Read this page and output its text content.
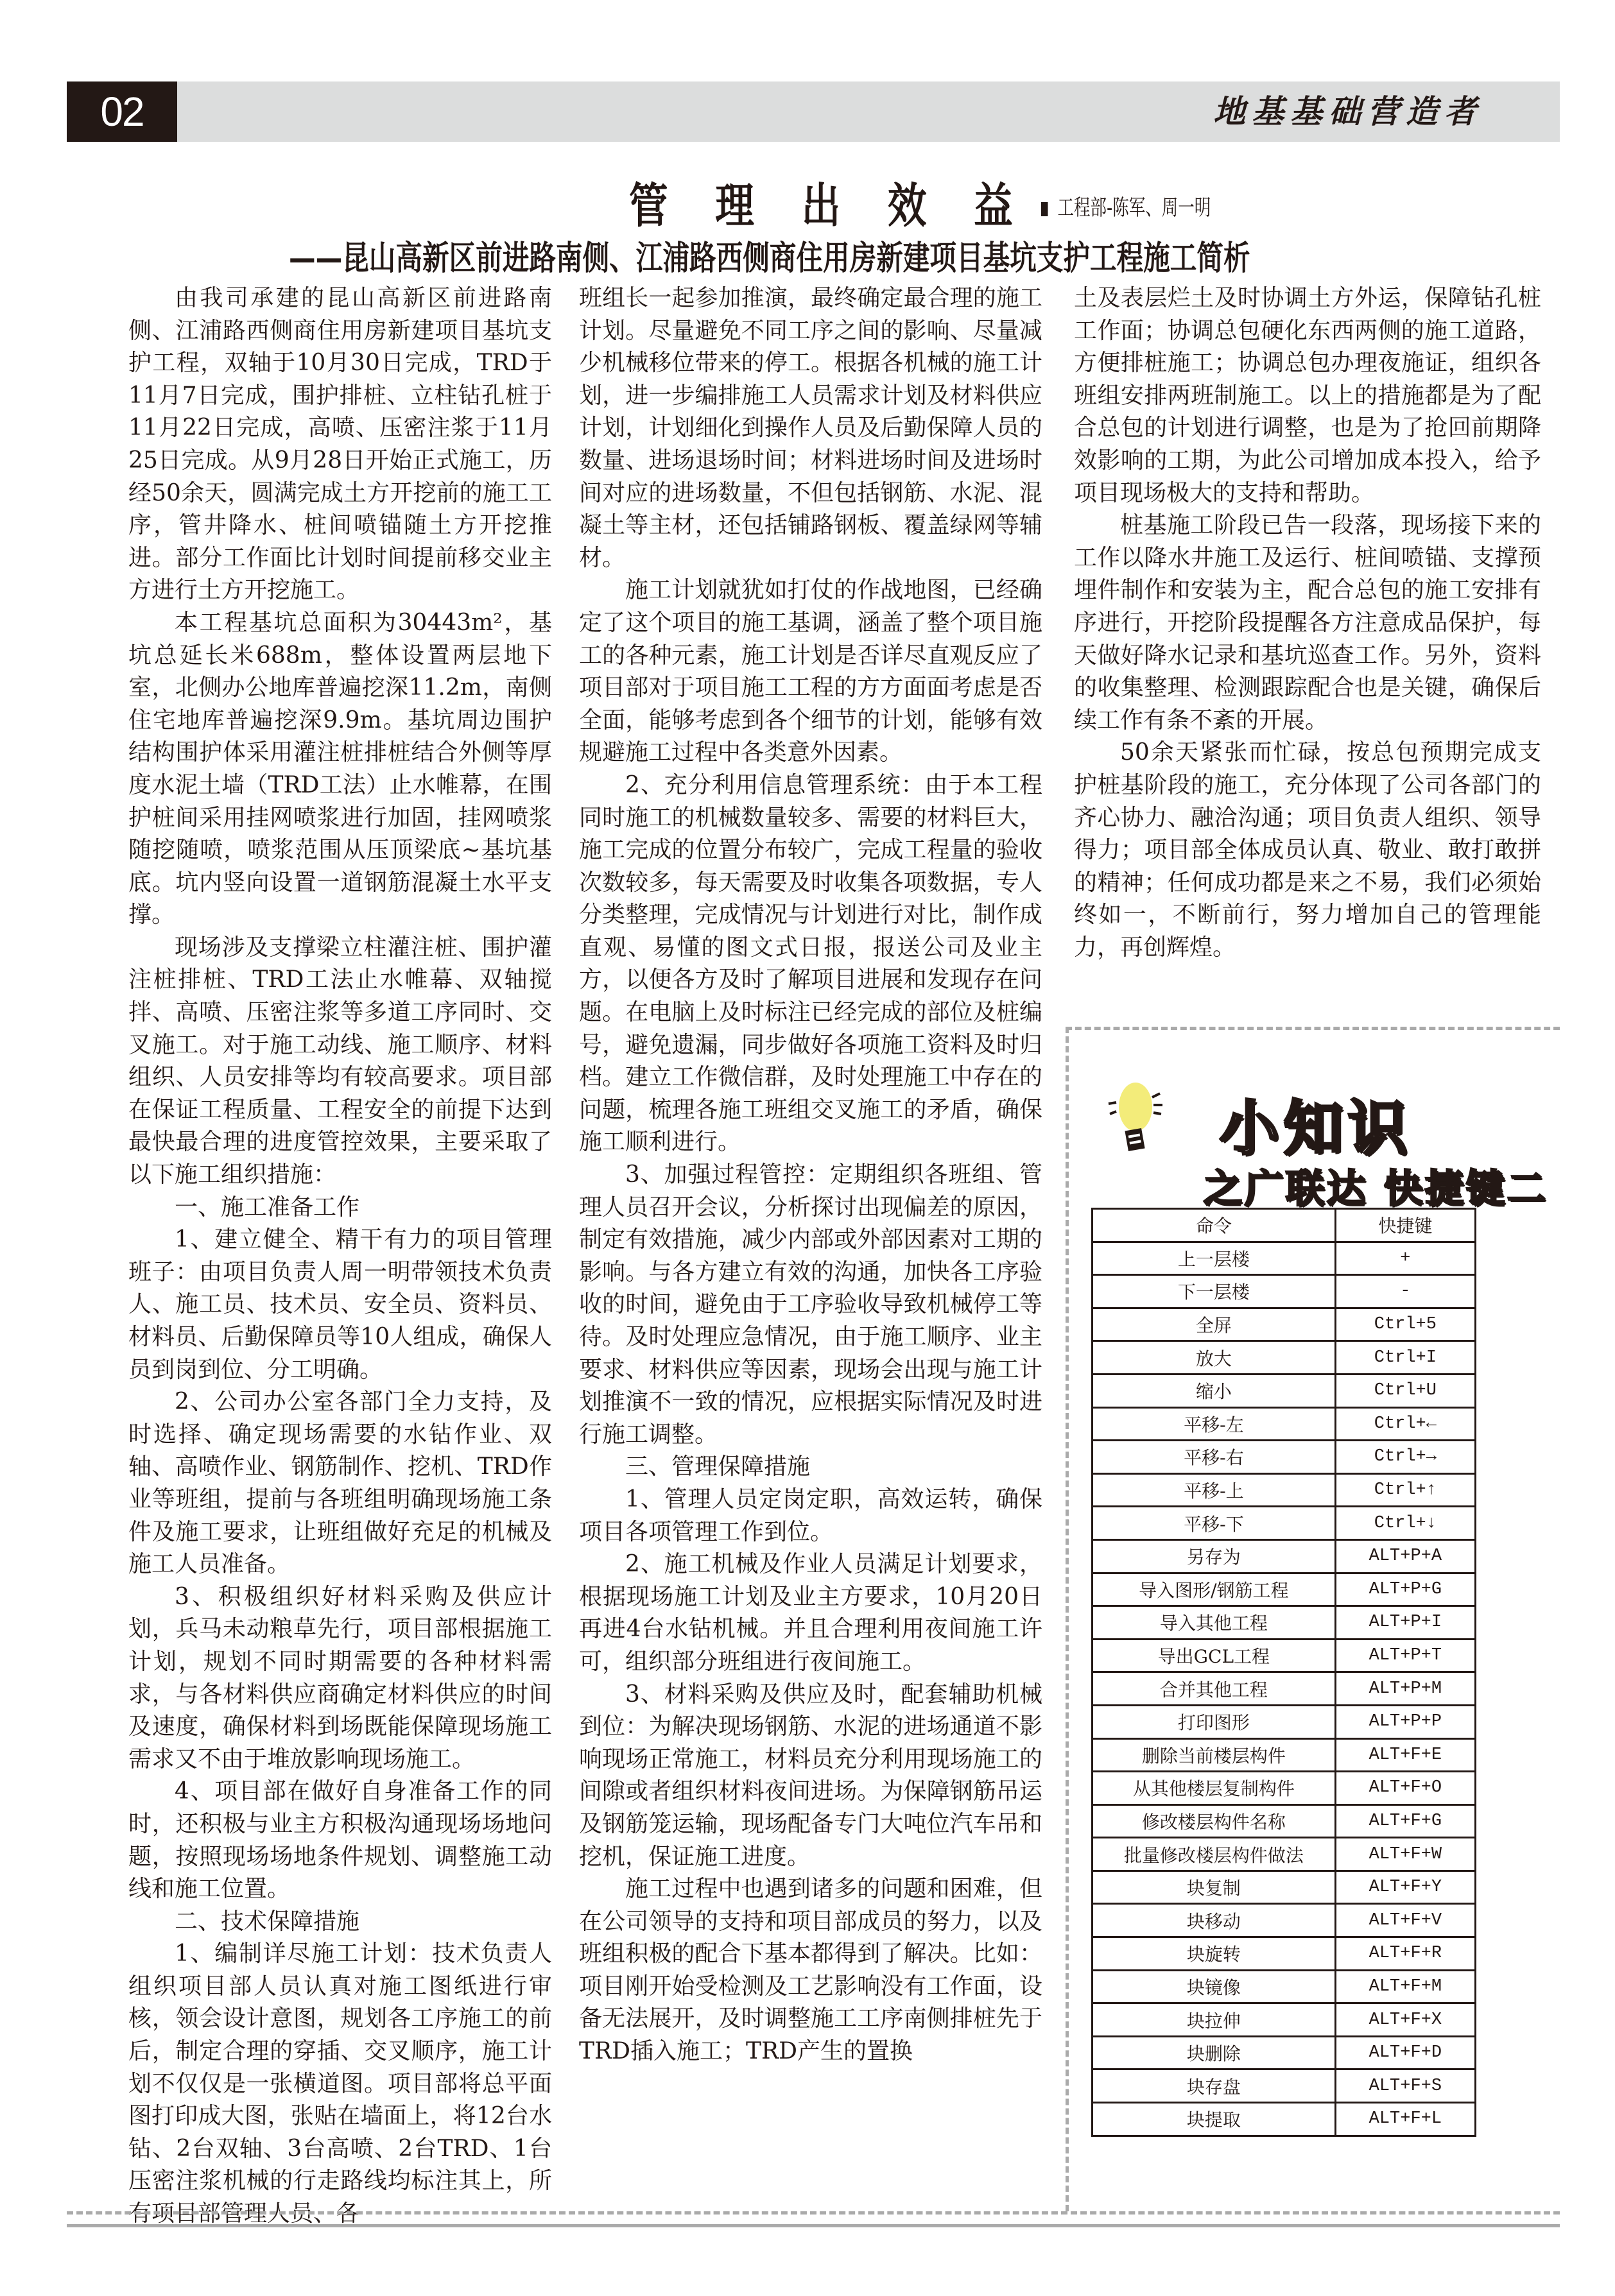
02	地基基础营造者
管 理 出 效 益	工程部-陈军、周一明
——昆山高新区前进路南侧、江浦路西侧商住用房新建项目基坑支护工程施工简析

由我司承建的昆山高新区前进路南侧、江浦路西侧商住用房新建项目基坑支护工程，双轴于10月30日完成，TRD于11月7日完成，围护排桩、立柱钻孔桩于11月22日完成，高喷、压密注浆于11月25日完成。从9月28日开始正式施工，历经50余天，圆满完成土方开挖前的施工工序，管井降水、桩间喷锚随土方开挖推进。部分工作面比计划时间提前移交业主方进行土方开挖施工。

本工程基坑总面积为30443m²，基坑总延长米688m，整体设置两层地下室，北侧办公地库普遍挖深11.2m，南侧住宅地库普遍挖深9.9m。基坑周边围护结构围护体采用灌注桩排桩结合外侧等厚度水泥土墙（TRD工法）止水帷幕，在围护桩间采用挂网喷浆进行加固，挂网喷浆随挖随喷，喷浆范围从压顶梁底~基坑基底。坑内竖向设置一道钢筋混凝土水平支撑。

现场涉及支撑梁立柱灌注桩、围护灌注桩排桩、TRD工法止水帷幕、双轴搅拌、高喷、压密注浆等多道工序同时、交叉施工。对于施工动线、施工顺序、材料组织、人员安排等均有较高要求。项目部在保证工程质量、工程安全的前提下达到最快最合理的进度管控效果，主要采取了以下施工组织措施：

一、施工准备工作

1、建立健全、精干有力的项目管理班子：由项目负责人周一明带领技术负责人、施工员、技术员、安全员、资料员、材料员、后勤保障员等10人组成，确保人员到岗到位、分工明确。

2、公司办公室各部门全力支持，及时选择、确定现场需要的水钻作业、双轴、高喷作业、钢筋制作、挖机、TRD作业等班组，提前与各班组明确现场施工条件及施工要求，让班组做好充足的机械及施工人员准备。

3、积极组织好材料采购及供应计划，兵马未动粮草先行，项目部根据施工计划，规划不同时期需要的各种材料需求，与各材料供应商确定材料供应的时间及速度，确保材料到场既能保障现场施工需求又不由于堆放影响现场施工。

4、项目部在做好自身准备工作的同时，还积极与业主方积极沟通现场场地问题，按照现场场地条件规划、调整施工动线和施工位置。

二、技术保障措施

1、编制详尽施工计划：技术负责人组织项目部人员认真对施工图纸进行审核，领会设计意图，规划各工序施工的前后，制定合理的穿插、交叉顺序，施工计划不仅仅是一张横道图。项目部将总平面图打印成大图，张贴在墙面上，将12台水钻、2台双轴、3台高喷、2台TRD、1台压密注浆机械的行走路线均标注其上，所有项目部管理人员、各

班组长一起参加推演，最终确定最合理的施工计划。尽量避免不同工序之间的影响、尽量减少机械移位带来的停工。根据各机械的施工计划，进一步编排施工人员需求计划及材料供应计划，计划细化到操作人员及后勤保障人员的数量、进场退场时间；材料进场时间及进场时间对应的进场数量，不但包括钢筋、水泥、混凝土等主材，还包括铺路钢板、覆盖绿网等辅材。

施工计划就犹如打仗的作战地图，已经确定了这个项目的施工基调，涵盖了整个项目施工的各种元素，施工计划是否详尽直观反应了项目部对于项目施工工程的方方面面考虑是否全面，能够考虑到各个细节的计划，能够有效规避施工过程中各类意外因素。

2、充分利用信息管理系统：由于本工程同时施工的机械数量较多、需要的材料巨大，施工完成的位置分布较广，完成工程量的验收次数较多，每天需要及时收集各项数据，专人分类整理，完成情况与计划进行对比，制作成直观、易懂的图文式日报，报送公司及业主方，以便各方及时了解项目进展和发现存在问题。在电脑上及时标注已经完成的部位及桩编号，避免遗漏，同步做好各项施工资料及时归档。建立工作微信群，及时处理施工中存在的问题，梳理各施工班组交叉施工的矛盾，确保施工顺利进行。

3、加强过程管控：定期组织各班组、管理人员召开会议，分析探讨出现偏差的原因，制定有效措施，减少内部或外部因素对工期的影响。与各方建立有效的沟通，加快各工序验收的时间，避免由于工序验收导致机械停工等待。及时处理应急情况，由于施工顺序、业主要求、材料供应等因素，现场会出现与施工计划推演不一致的情况，应根据实际情况及时进行施工调整。

三、管理保障措施

1、管理人员定岗定职，高效运转，确保项目各项管理工作到位。

2、施工机械及作业人员满足计划要求，根据现场施工计划及业主方要求，10月20日再进4台水钻机械。并且合理利用夜间施工许可，组织部分班组进行夜间施工。

3、材料采购及供应及时，配套辅助机械到位：为解决现场钢筋、水泥的进场通道不影响现场正常施工，材料员充分利用现场施工的间隙或者组织材料夜间进场。为保障钢筋吊运及钢筋笼运输，现场配备专门大吨位汽车吊和挖机，保证施工进度。

施工过程中也遇到诸多的问题和困难，但在公司领导的支持和项目部成员的努力，以及班组积极的配合下基本都得到了解决。比如：项目刚开始受检测及工艺影响没有工作面，设备无法展开，及时调整施工工序南侧排桩先于TRD插入施工；TRD产生的置换

土及表层烂土及时协调土方外运，保障钻孔桩工作面；协调总包硬化东西两侧的施工道路，方便排桩施工；协调总包办理夜施证，组织各班组安排两班制施工。以上的措施都是为了配合总包的计划进行调整，也是为了抢回前期降效影响的工期，为此公司增加成本投入，给予项目现场极大的支持和帮助。

桩基施工阶段已告一段落，现场接下来的工作以降水井施工及运行、桩间喷锚、支撑预埋件制作和安装为主，配合总包的施工安排有序进行，开挖阶段提醒各方注意成品保护，每天做好降水记录和基坑巡查工作。另外，资料的收集整理、检测跟踪配合也是关键，确保后续工作有条不紊的开展。

50余天紧张而忙碌，按总包预期完成支护桩基阶段的施工，充分体现了公司各部门的齐心协力、融洽沟通；项目负责人组织、领导得力；项目部全体成员认真、敬业、敢打敢拼的精神；任何成功都是来之不易，我们必须始终如一，不断前行，努力增加自己的管理能力，再创辉煌。

小知识
之广联达 快捷键二
命令	快捷键
上一层楼	+
下一层楼	-
全屏	Ctrl+5
放大	Ctrl+I
缩小	Ctrl+U
平移-左	Ctrl+←
平移-右	Ctrl+→
平移-上	Ctrl+↑
平移-下	Ctrl+↓
另存为	ALT+P+A
导入图形/钢筋工程	ALT+P+G
导入其他工程	ALT+P+I
导出GCL工程	ALT+P+T
合并其他工程	ALT+P+M
打印图形	ALT+P+P
删除当前楼层构件	ALT+F+E
从其他楼层复制构件	ALT+F+O
修改楼层构件名称	ALT+F+G
批量修改楼层构件做法	ALT+F+W
块复制	ALT+F+Y
块移动	ALT+F+V
块旋转	ALT+F+R
块镜像	ALT+F+M
块拉伸	ALT+F+X
块删除	ALT+F+D
块存盘	ALT+F+S
块提取	ALT+F+L
